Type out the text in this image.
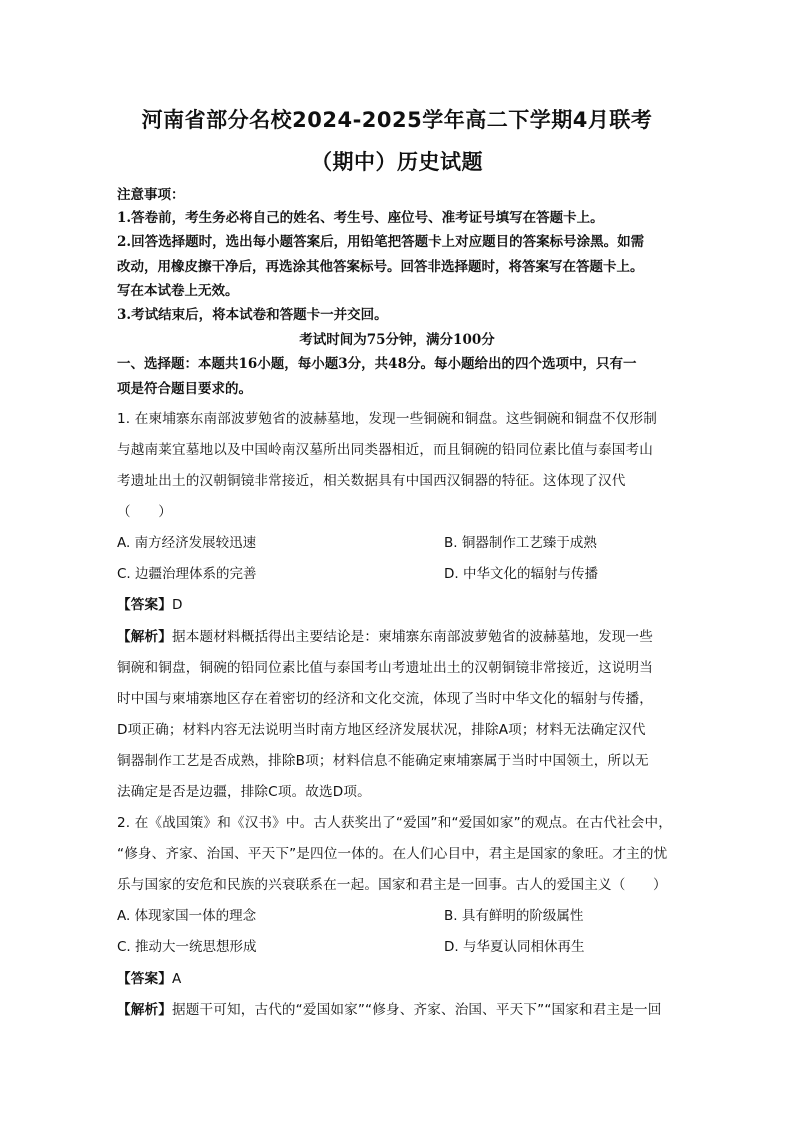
河南省部分名校2024-2025学年高二下学期4月联考
（期中）历史试题
注意事项：
1.答卷前，考生务必将自己的姓名、考生号、座位号、准考证号填写在答题卡上。
2.回答选择题时，选出每小题答案后，用铅笔把答题卡上对应题目的答案标号涂黑。如需
改动，用橡皮擦干净后，再选涂其他答案标号。回答非选择题时，将答案写在答题卡上。
写在本试卷上无效。
3.考试结束后，将本试卷和答题卡一并交回。
考试时间为75分钟，满分100分
一、选择题：本题共16小题，每小题3分，共48分。每小题给出的四个选项中，只有一
项是符合题目要求的。
1. 在柬埔寨东南部波萝勉省的波赫墓地，发现一些铜碗和铜盘。这些铜碗和铜盘不仅形制
与越南莱宜墓地以及中国岭南汉墓所出同类器相近，而且铜碗的铅同位素比值与泰国考山
考遗址出土的汉朝铜镜非常接近，相关数据具有中国西汉铜器的特征。这体现了汉代
（　　）
A. 南方经济发展较迅速	B. 铜器制作工艺臻于成熟
C. 边疆治理体系的完善	D. 中华文化的辐射与传播
【答案】D
【解析】据本题材料概括得出主要结论是：柬埔寨东南部波萝勉省的波赫墓地，发现一些
铜碗和铜盘，铜碗的铅同位素比值与泰国考山考遗址出土的汉朝铜镜非常接近，这说明当
时中国与柬埔寨地区存在着密切的经济和文化交流，体现了当时中华文化的辐射与传播，
D项正确；材料内容无法说明当时南方地区经济发展状况，排除A项；材料无法确定汉代
铜器制作工艺是否成熟，排除B项；材料信息不能确定柬埔寨属于当时中国领土，所以无
法确定是否是边疆，排除C项。故选D项。
2. 在《战国策》和《汉书》中。古人获奖出了“爱国”和“爱国如家”的观点。在古代社会中，
“修身、齐家、治国、平天下”是四位一体的。在人们心目中，君主是国家的象旺。才主的忧
乐与国家的安危和民族的兴衰联系在一起。国家和君主是一回事。古人的爱国主义（　　）
A. 体现家国一体的理念	B. 具有鲜明的阶级属性
C. 推动大一统思想形成	D. 与华夏认同相休再生
【答案】A
【解析】据题干可知，古代的“爱国如家”“修身、齐家、治国、平天下”“国家和君主是一回
